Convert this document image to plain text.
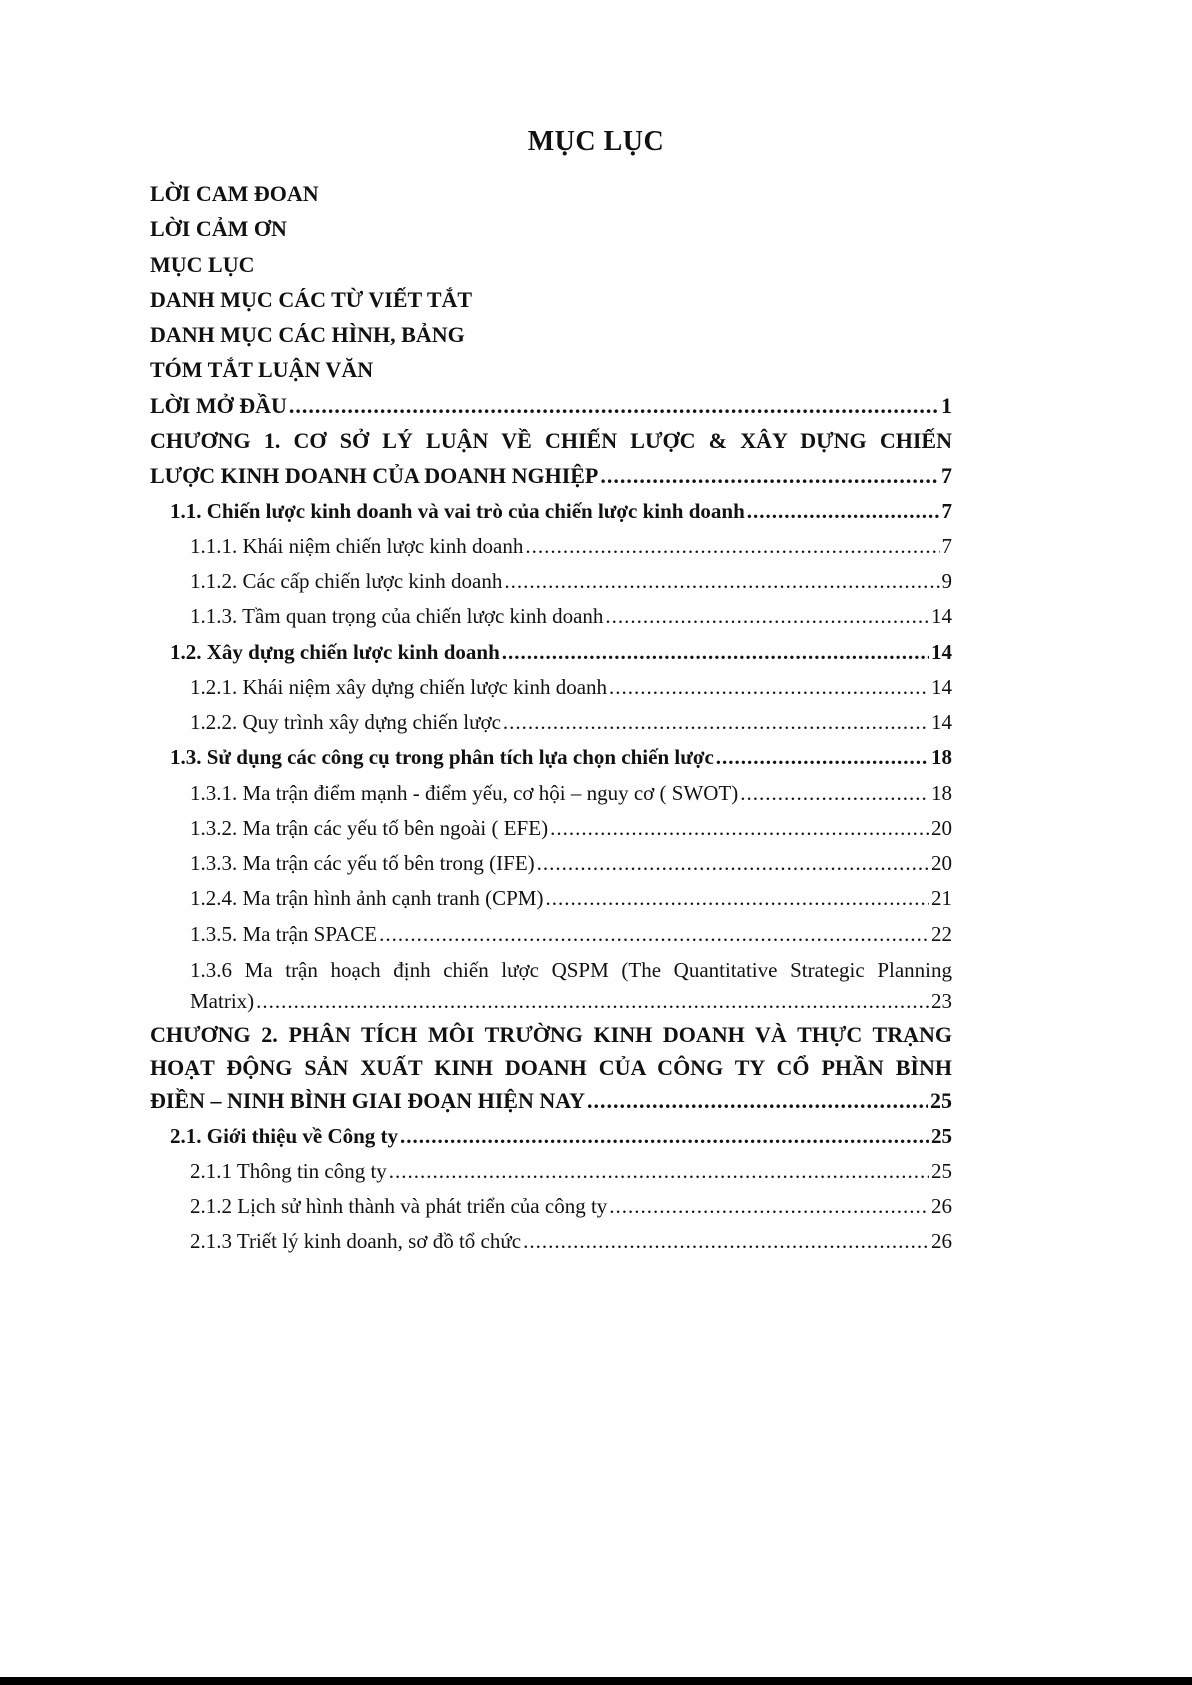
MỤC LỤC
LỜI CAM ĐOAN
LỜI CẢM ƠN
MỤC LỤC
DANH MỤC CÁC TỪ VIẾT TẮT
DANH MỤC CÁC HÌNH, BẢNG
TÓM TẮT LUẬN VĂN
LỜI MỞ ĐẦU .....	1
CHƯƠNG 1. CƠ SỞ LÝ LUẬN VỀ CHIẾN LƯỢC & XÂY DỰNG CHIẾN
LƯỢC KINH DOANH CỦA DOANH NGHIỆP .....	7
1.1. Chiến lược kinh doanh và vai trò của chiến lược kinh doanh .....	7
1.1.1. Khái niệm chiến lược kinh doanh .....	7
1.1.2. Các cấp chiến lược kinh doanh .....	9
1.1.3. Tầm quan trọng của chiến lược kinh doanh .....	14
1.2. Xây dựng chiến lược kinh doanh .....	14
1.2.1. Khái niệm xây dựng chiến lược kinh doanh .....	14
1.2.2. Quy trình xây dựng chiến lược .....	14
1.3. Sử dụng các công cụ trong phân tích lựa chọn chiến lược .....	18
1.3.1. Ma trận điểm mạnh - điểm yếu, cơ hội – nguy cơ ( SWOT) .....	18
1.3.2. Ma trận các yếu tố bên ngoài ( EFE) .....	20
1.3.3. Ma trận các yếu tố bên trong (IFE) .....	20
1.2.4. Ma trận hình ảnh cạnh tranh (CPM) .....	21
1.3.5. Ma trận SPACE .....	22
1.3.6 Ma trận hoạch định chiến lược QSPM (The Quantitative Strategic Planning
Matrix) .....	23
CHƯƠNG 2. PHÂN TÍCH MÔI TRƯỜNG KINH DOANH VÀ THỰC TRẠNG
HOẠT ĐỘNG SẢN XUẤT KINH DOANH CỦA CÔNG TY CỔ PHẦN BÌNH
ĐIỀN – NINH BÌNH GIAI ĐOẠN HIỆN NAY .....	25
2.1. Giới thiệu về Công ty .....	25
2.1.1 Thông tin công ty .....	25
2.1.2 Lịch sử hình thành và phát triển của công ty .....	26
2.1.3 Triết lý kinh doanh, sơ đồ tổ chức .....	26
